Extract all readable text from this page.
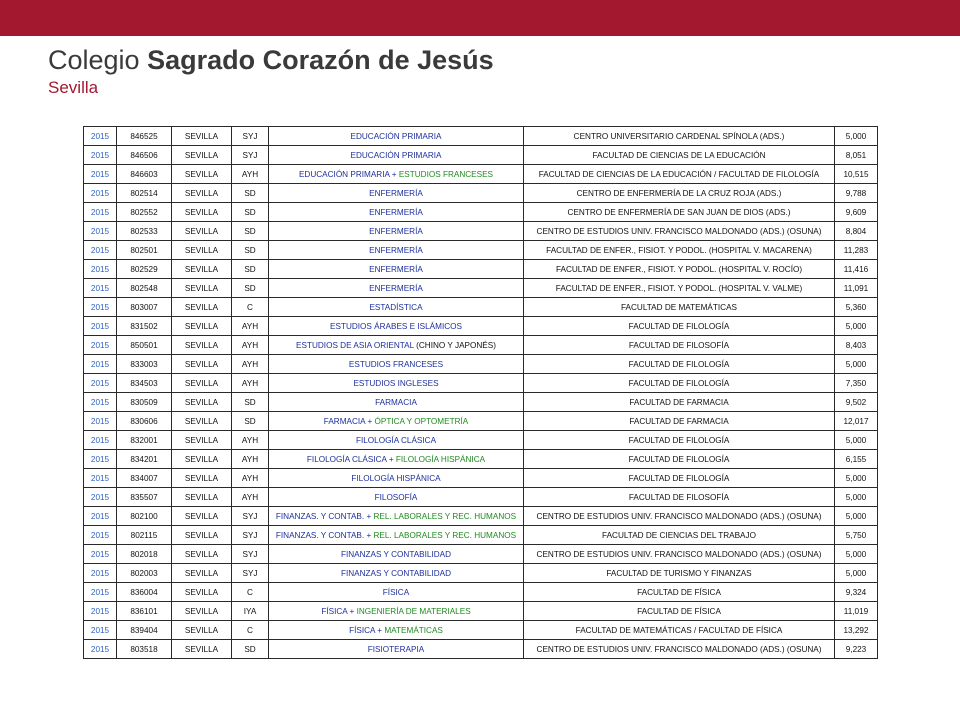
Colegio Sagrado Corazón de Jesús
Sevilla
2015	846525	SEVILLA	SYJ	EDUCACIÓN PRIMARIA	CENTRO UNIVERSITARIO CARDENAL SPÍNOLA (ADS.)	5,000
2015	846506	SEVILLA	SYJ	EDUCACIÓN PRIMARIA	FACULTAD DE CIENCIAS DE LA EDUCACIÓN	8,051
2015	846603	SEVILLA	AYH	EDUCACIÓN PRIMARIA + ESTUDIOS FRANCESES	FACULTAD DE CIENCIAS DE LA EDUCACIÓN / FACULTAD DE FILOLOGÍA	10,515
2015	802514	SEVILLA	SD	ENFERMERÍA	CENTRO DE ENFERMERÍA DE LA CRUZ ROJA (ADS.)	9,788
2015	802552	SEVILLA	SD	ENFERMERÍA	CENTRO DE ENFERMERÍA DE SAN JUAN DE DIOS (ADS.)	9,609
2015	802533	SEVILLA	SD	ENFERMERÍA	CENTRO DE ESTUDIOS UNIV. FRANCISCO MALDONADO (ADS.) (OSUNA)	8,804
2015	802501	SEVILLA	SD	ENFERMERÍA	FACULTAD DE ENFER., FISIOT. Y PODOL. (HOSPITAL V. MACARENA)	11,283
2015	802529	SEVILLA	SD	ENFERMERÍA	FACULTAD DE ENFER., FISIOT. Y PODOL. (HOSPITAL V. ROCÍO)	11,416
2015	802548	SEVILLA	SD	ENFERMERÍA	FACULTAD DE ENFER., FISIOT. Y PODOL. (HOSPITAL V. VALME)	11,091
2015	803007	SEVILLA	C	ESTADÍSTICA	FACULTAD DE MATEMÁTICAS	5,360
2015	831502	SEVILLA	AYH	ESTUDIOS ÁRABES E ISLÁMICOS	FACULTAD DE FILOLOGÍA	5,000
2015	850501	SEVILLA	AYH	ESTUDIOS DE ASIA ORIENTAL (CHINO Y JAPONÉS)	FACULTAD DE FILOSOFÍA	8,403
2015	833003	SEVILLA	AYH	ESTUDIOS FRANCESES	FACULTAD DE FILOLOGÍA	5,000
2015	834503	SEVILLA	AYH	ESTUDIOS INGLESES	FACULTAD DE FILOLOGÍA	7,350
2015	830509	SEVILLA	SD	FARMACIA	FACULTAD DE FARMACIA	9,502
2015	830606	SEVILLA	SD	FARMACIA + ÓPTICA Y OPTOMETRÍA	FACULTAD DE FARMACIA	12,017
2015	832001	SEVILLA	AYH	FILOLOGÍA CLÁSICA	FACULTAD DE FILOLOGÍA	5,000
2015	834201	SEVILLA	AYH	FILOLOGÍA CLÁSICA + FILOLOGÍA HISPÁNICA	FACULTAD DE FILOLOGÍA	6,155
2015	834007	SEVILLA	AYH	FILOLOGÍA HISPÁNICA	FACULTAD DE FILOLOGÍA	5,000
2015	835507	SEVILLA	AYH	FILOSOFÍA	FACULTAD DE FILOSOFÍA	5,000
2015	802100	SEVILLA	SYJ	FINANZAS. Y CONTAB. + REL. LABORALES Y REC. HUMANOS	CENTRO DE ESTUDIOS UNIV. FRANCISCO MALDONADO (ADS.) (OSUNA)	5,000
2015	802115	SEVILLA	SYJ	FINANZAS. Y CONTAB. + REL. LABORALES Y REC. HUMANOS	FACULTAD DE CIENCIAS DEL TRABAJO	5,750
2015	802018	SEVILLA	SYJ	FINANZAS Y CONTABILIDAD	CENTRO DE ESTUDIOS UNIV. FRANCISCO MALDONADO (ADS.) (OSUNA)	5,000
2015	802003	SEVILLA	SYJ	FINANZAS Y CONTABILIDAD	FACULTAD DE TURISMO Y FINANZAS	5,000
2015	836004	SEVILLA	C	FÍSICA	FACULTAD DE FÍSICA	9,324
2015	836101	SEVILLA	IYA	FÍSICA + INGENIERÍA DE MATERIALES	FACULTAD DE FÍSICA	11,019
2015	839404	SEVILLA	C	FÍSICA + MATEMÁTICAS	FACULTAD DE MATEMÁTICAS / FACULTAD DE FÍSICA	13,292
2015	803518	SEVILLA	SD	FISIOTERAPIA	CENTRO DE ESTUDIOS UNIV. FRANCISCO MALDONADO (ADS.) (OSUNA)	9,223
